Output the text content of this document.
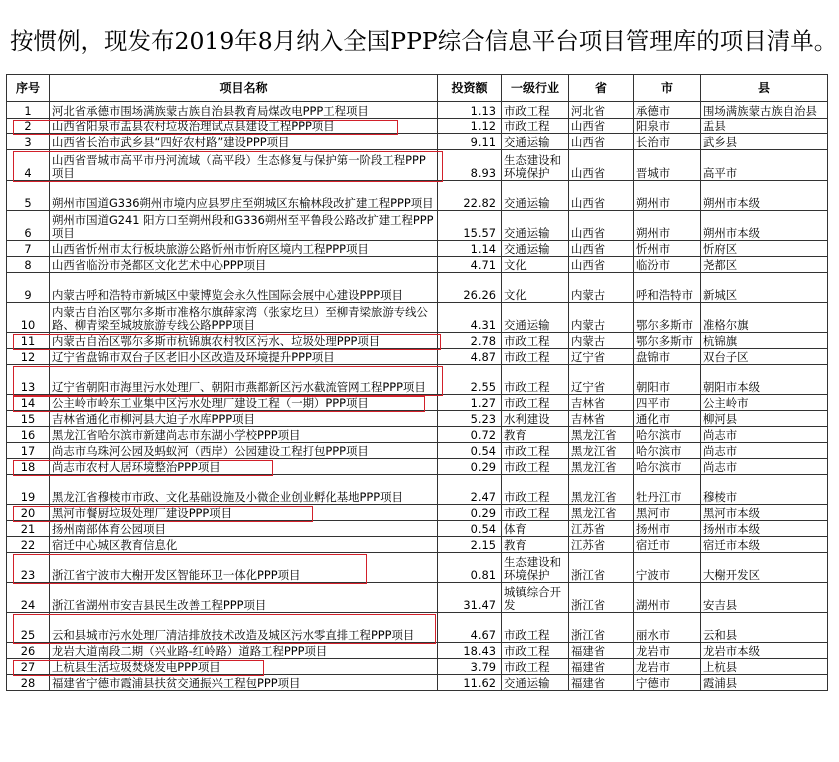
按惯例，现发布2019年8月纳入全国PPP综合信息平台项目管理库的项目清单。
序号	项目名称	投资额	一级行业	省	市	县
1	河北省承德市围场满族蒙古族自治县教育局煤改电PPP工程项目	1.13	市政工程	河北省	承德市	围场满族蒙古族自治县
2	山西省阳泉市盂县农村垃圾治理试点县建设工程PPP项目	1.12	市政工程	山西省	阳泉市	盂县
3	山西省长治市武乡县“四好农村路”建设PPP项目	9.11	交通运输	山西省	长治市	武乡县
4	山西省晋城市高平市丹河流域（高平段）生态修复与保护第一阶段工程PPP项目	8.93	生态建设和环境保护	山西省	晋城市	高平市
5	朔州市国道G336朔州市境内应县罗庄至朔城区东榆林段改扩建工程PPP项目	22.82	交通运输	山西省	朔州市	朔州市本级
6	朔州市国道G241 阳方口至朔州段和G336朔州至平鲁段公路改扩建工程PPP 项目	15.57	交通运输	山西省	朔州市	朔州市本级
7	山西省忻州市太行板块旅游公路忻州市忻府区境内工程PPP项目	1.14	交通运输	山西省	忻州市	忻府区
8	山西省临汾市尧都区文化艺术中心PPP项目	4.71	文化	山西省	临汾市	尧都区
9	内蒙古呼和浩特市新城区中蒙博览会永久性国际会展中心建设PPP项目	26.26	文化	内蒙古	呼和浩特市	新城区
10	内蒙古自治区鄂尔多斯市准格尔旗薛家湾（张家圪旦）至柳青梁旅游专线公路、柳青梁至城坡旅游专线公路PPP项目	4.31	交通运输	内蒙古	鄂尔多斯市	准格尔旗
11	内蒙古自治区鄂尔多斯市杭锦旗农村牧区污水、垃圾处理PPP项目	2.78	市政工程	内蒙古	鄂尔多斯市	杭锦旗
12	辽宁省盘锦市双台子区老旧小区改造及环境提升PPP项目	4.87	市政工程	辽宁省	盘锦市	双台子区
13	辽宁省朝阳市海里污水处理厂、朝阳市燕都新区污水截流管网工程PPP项目	2.55	市政工程	辽宁省	朝阳市	朝阳市本级
14	公主岭市岭东工业集中区污水处理厂建设工程（一期）PPP项目	1.27	市政工程	吉林省	四平市	公主岭市
15	吉林省通化市柳河县大迫子水库PPP项目	5.23	水利建设	吉林省	通化市	柳河县
16	黑龙江省哈尔滨市新建尚志市东湖小学校PPP项目	0.72	教育	黑龙江省	哈尔滨市	尚志市
17	尚志市乌珠河公园及蚂蚁河（西岸）公园建设工程打包PPP项目	0.54	市政工程	黑龙江省	哈尔滨市	尚志市
18	尚志市农村人居环境整治PPP项目	0.29	市政工程	黑龙江省	哈尔滨市	尚志市
19	黑龙江省穆棱市市政、文化基础设施及小微企业创业孵化基地PPP项目	2.47	市政工程	黑龙江省	牡丹江市	穆棱市
20	黑河市餐厨垃圾处理厂建设PPP项目	0.29	市政工程	黑龙江省	黑河市	黑河市本级
21	扬州南部体育公园项目	0.54	体育	江苏省	扬州市	扬州市本级
22	宿迁中心城区教育信息化	2.15	教育	江苏省	宿迁市	宿迁市本级
23	浙江省宁波市大榭开发区智能环卫一体化PPP项目	0.81	生态建设和环境保护	浙江省	宁波市	大榭开发区
24	浙江省湖州市安吉县民生改善工程PPP项目	31.47	城镇综合开发	浙江省	湖州市	安吉县
25	云和县城市污水处理厂清洁排放技术改造及城区污水零直排工程PPP项目	4.67	市政工程	浙江省	丽水市	云和县
26	龙岩大道南段二期（兴业路-红岭路）道路工程PPP项目	18.43	市政工程	福建省	龙岩市	龙岩市本级
27	上杭县生活垃圾焚烧发电PPP项目	3.79	市政工程	福建省	龙岩市	上杭县
28	福建省宁德市霞浦县扶贫交通振兴工程包PPP项目	11.62	交通运输	福建省	宁德市	霞浦县
